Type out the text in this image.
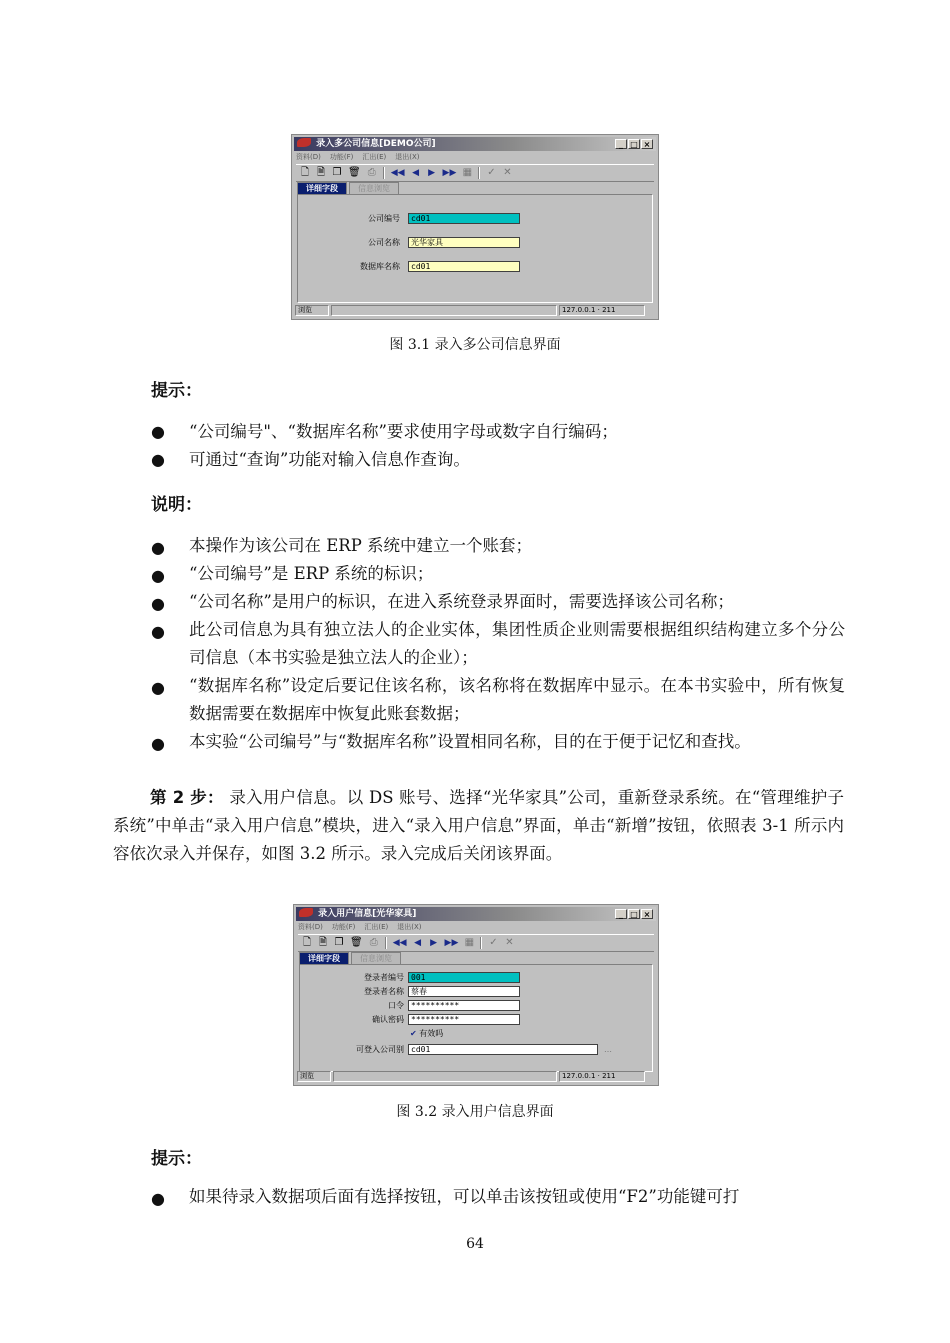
录入多公司信息[DEMO公司]	_ □ ×
资料(D) 功能(F) 汇出(E) 退出(X)
🗋 🗎 ❐ 🗑 ⎙ ◀◀ ◀ ▶ ▶▶ ▦ ✓ ✕
详细字段	信息浏览
公司编号	cd01
公司名称	光华家具
数据库名称	cd01
浏览	127.0.0.1 · 211
图 3.1 录入多公司信息界面
提示：
● “公司编号"、“数据库名称”要求使用字母或数字自行编码；
● 可通过“查询”功能对输入信息作查询。
说明：
● 本操作为该公司在 ERP 系统中建立一个账套；
● “公司编号”是 ERP 系统的标识；
● “公司名称”是用户的标识，在进入系统登录界面时，需要选择该公司名称；
● 此公司信息为具有独立法人的企业实体，集团性质企业则需要根据组织结构建立多个分公司信息（本书实验是独立法人的企业）；
● “数据库名称”设定后要记住该名称，该名称将在数据库中显示。在本书实验中，所有恢复数据需要在数据库中恢复此账套数据；
● 本实验“公司编号”与“数据库名称”设置相同名称，目的在于便于记忆和查找。
第 2 步： 录入用户信息。以 DS 账号、选择“光华家具”公司，重新登录系统。在“管理维护子系统”中单击“录入用户信息”模块，进入“录入用户信息”界面，单击“新增”按钮，依照表 3-1 所示内容依次录入并保存，如图 3.2 所示。录入完成后关闭该界面。
录入用户信息[光华家具]	_ □ ×
资料(D) 功能(F) 汇出(E) 退出(X)
🗋 🗎 ❐ 🗑 ⎙ ◀◀ ◀ ▶ ▶▶ ▦ ✓ ✕
详细字段	信息浏览
登录者编号 001
登录者名称 蔡春
口令 **********
确认密码 **********
✔ 有效吗
可登入公司别 cd01	…
浏览	127.0.0.1 · 211
图 3.2 录入用户信息界面
提示：
● 如果待录入数据项后面有选择按钮，可以单击该按钮或使用“F2”功能键可打
64
